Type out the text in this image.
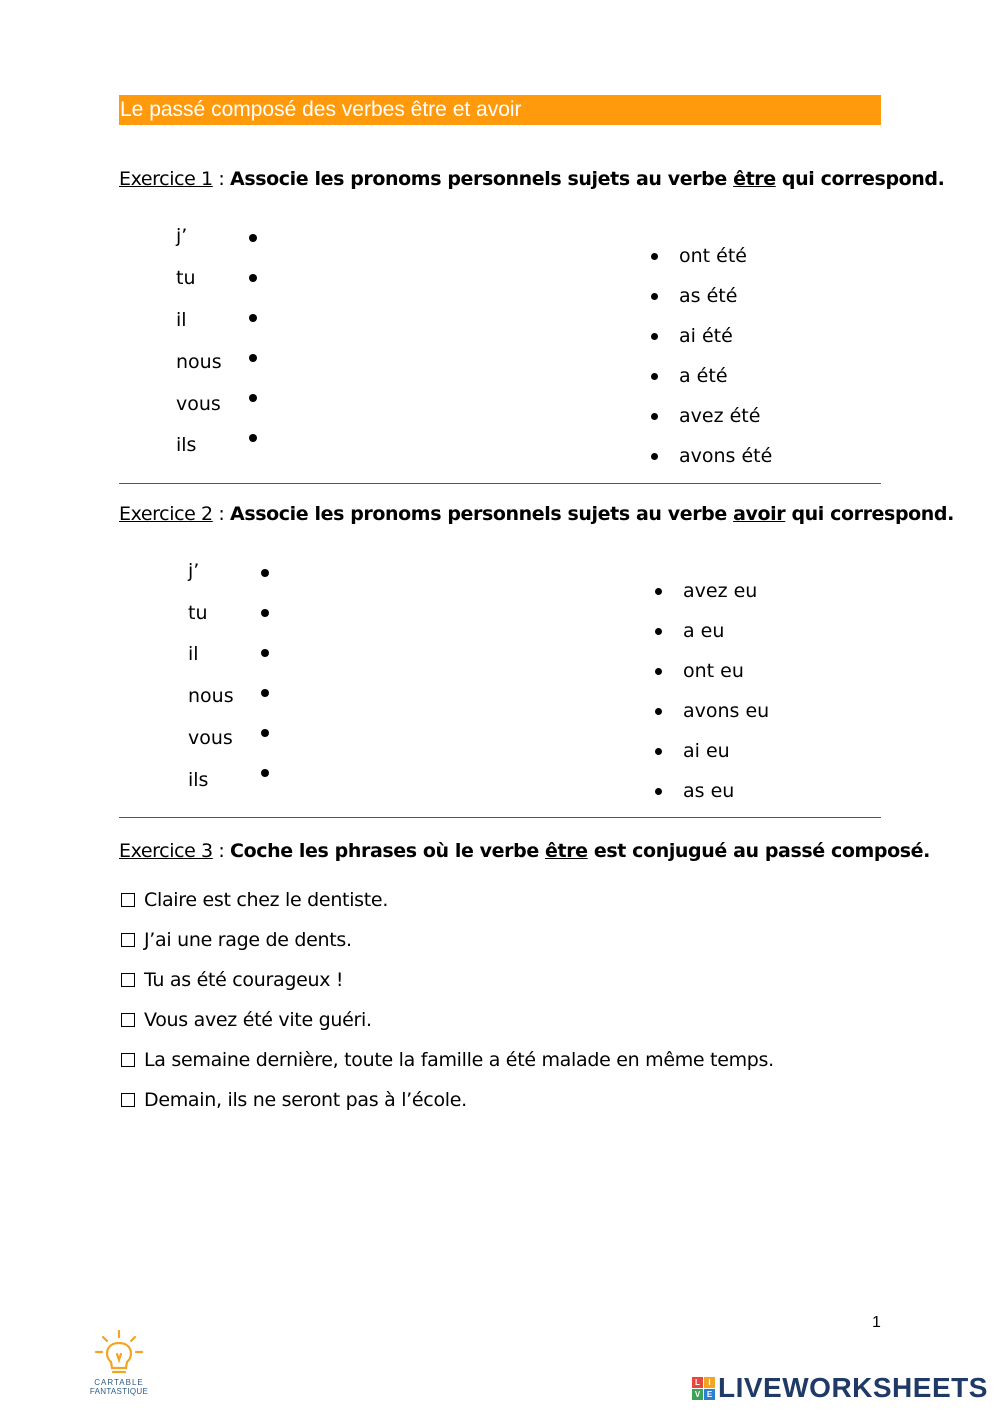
Le passé composé des verbes être et avoir
Exercice 1 : Associe les pronoms personnels sujets au verbe être qui correspond.
j’
tu
il
nous
vous
ils
ont été
as été
ai été
a été
avez été
avons été
Exercice 2 : Associe les pronoms personnels sujets au verbe avoir qui correspond.
j’
tu
il
nous
vous
ils
avez eu
a eu
ont eu
avons eu
ai eu
as eu
Exercice 3 : Coche les phrases où le verbe être est conjugué au passé composé.
Claire est chez le dentiste.
J’ai une rage de dents.
Tu as été courageux !
Vous avez été vite guéri.
La semaine dernière, toute la famille a été malade en même temps.
Demain, ils ne seront pas à l’école.
1
CARTABLE
FANTASTIQUE
L	I
V E LIVEWORKSHEETS
